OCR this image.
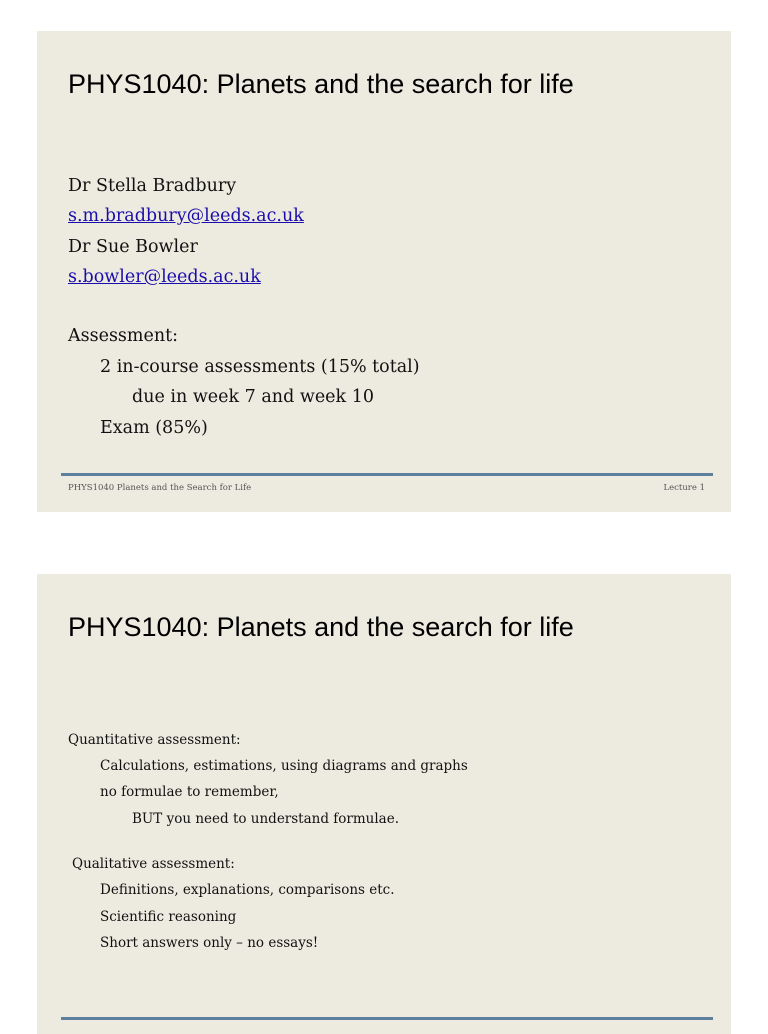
PHYS1040: Planets and the search for life
Dr Stella Bradbury
s.m.bradbury@leeds.ac.uk
Dr Sue Bowler
s.bowler@leeds.ac.uk
Assessment:
2 in-course assessments (15% total)
due in week 7 and week 10
Exam (85%)
PHYS1040 Planets and the Search for Life	Lecture 1
PHYS1040: Planets and the search for life
Quantitative assessment:
Calculations, estimations, using diagrams and graphs
no formulae to remember,
BUT you need to understand formulae.
Qualitative assessment:
Definitions, explanations, comparisons etc.
Scientific reasoning
Short answers only – no essays!
